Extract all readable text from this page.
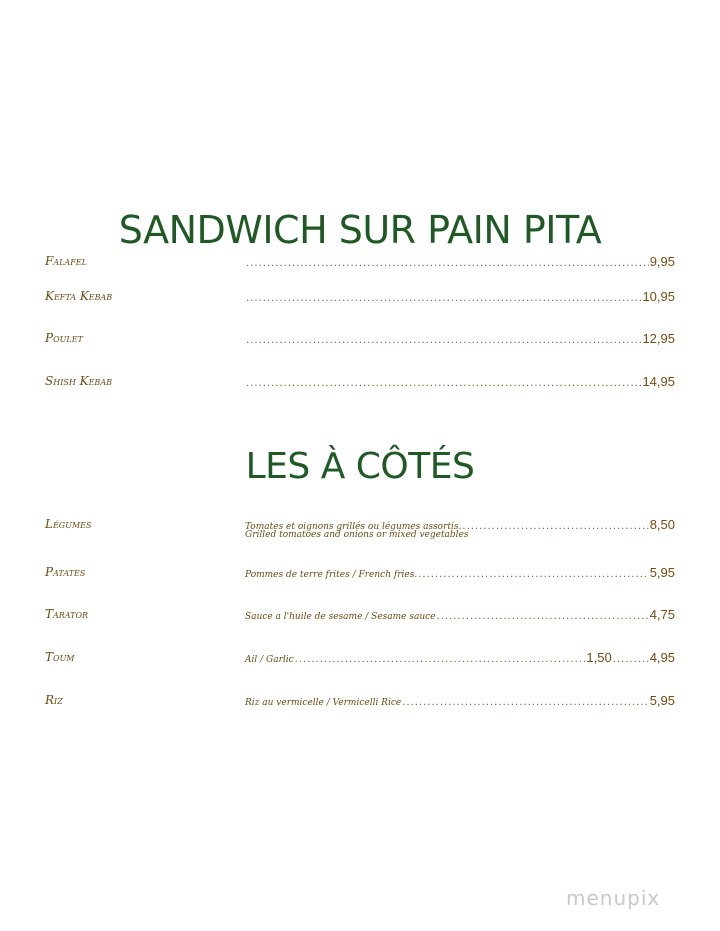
SANDWICH SUR PAIN PITA
Falafel .....	9,95
Kefta Kebab .....	10,95
Poulet .....	12,95
Shish Kebab .....	14,95
LES À CÔTÉS
Légumes	Tomates et oignons grillés ou légumes assortis. .....	8,50
Grilled tomatoes and onions or mixed vegetables
Patates	Pommes de terre frites / French fries. .....	5,95
Tarator	Sauce a l'huile de sesame / Sesame sauce .....	4,75
Toum	Ail / Garlic .....	1,50 .....	4,95
Riz	Riz au vermicelle / Vermicelli Rice .....	5,95
menupix
